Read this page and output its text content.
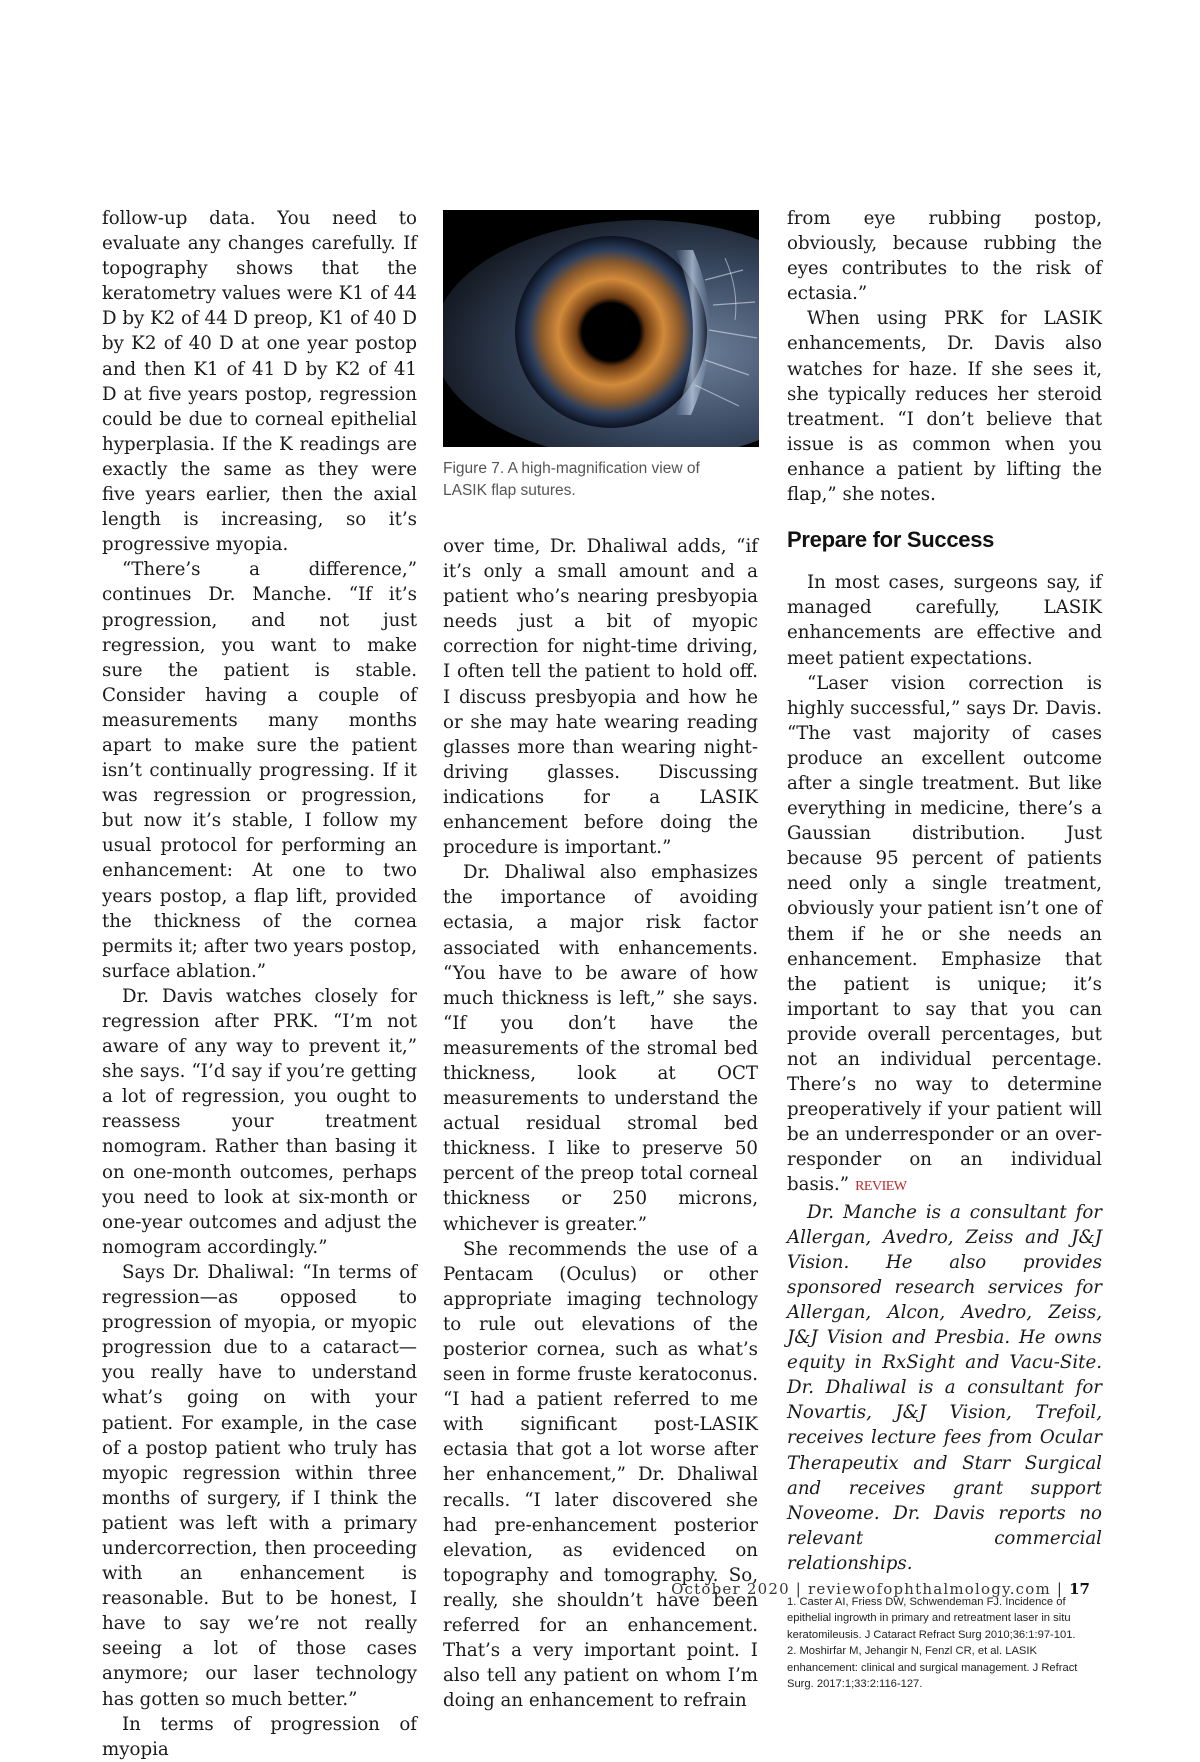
follow-up data. You need to evaluate any changes carefully. If topography shows that the keratometry values were K1 of 44 D by K2 of 44 D preop, K1 of 40 D by K2 of 40 D at one year postop and then K1 of 41 D by K2 of 41 D at five years postop, regression could be due to corneal epithelial hyperplasia. If the K readings are exactly the same as they were five years earlier, then the axial length is increasing, so it’s progressive myopia.

“There’s a difference,” continues Dr. Manche. “If it’s progression, and not just regression, you want to make sure the patient is stable. Consider having a couple of measurements many months apart to make sure the patient isn’t continually progressing. If it was regression or progression, but now it’s stable, I follow my usual protocol for performing an enhancement: At one to two years postop, a flap lift, provided the thickness of the cornea permits it; after two years postop, surface ablation.”

Dr. Davis watches closely for regression after PRK. “I’m not aware of any way to prevent it,” she says. “I’d say if you’re getting a lot of regression, you ought to reassess your treatment nomogram. Rather than basing it on one-month outcomes, perhaps you need to look at six-month or one-year outcomes and adjust the nomogram accordingly.”

Says Dr. Dhaliwal: “In terms of regression—as opposed to progression of myopia, or myopic progression due to a cataract—you really have to understand what’s going on with your patient. For example, in the case of a postop patient who truly has myopic regression within three months of surgery, if I think the patient was left with a primary undercorrection, then proceeding with an enhancement is reasonable. But to be honest, I have to say we’re not really seeing a lot of those cases anymore; our laser technology has gotten so much better.”

In terms of progression of myopia

Figure 7. A high-magnification view of LASIK flap sutures.

over time, Dr. Dhaliwal adds, “if it’s only a small amount and a patient who’s nearing presbyopia needs just a bit of myopic correction for night-time driving, I often tell the patient to hold off. I discuss presbyopia and how he or she may hate wearing reading glasses more than wearing night-driving glasses. Discussing indications for a LASIK enhancement before doing the procedure is important.”

Dr. Dhaliwal also emphasizes the importance of avoiding ectasia, a major risk factor associated with enhancements. “You have to be aware of how much thickness is left,” she says. “If you don’t have the measurements of the stromal bed thickness, look at OCT measurements to understand the actual residual stromal bed thickness. I like to preserve 50 percent of the preop total corneal thickness or 250 microns, whichever is greater.”

She recommends the use of a Pentacam (Oculus) or other appropriate imaging technology to rule out elevations of the posterior cornea, such as what’s seen in forme fruste keratoconus. “I had a patient referred to me with significant post-LASIK ectasia that got a lot worse after her enhancement,” Dr. Dhaliwal recalls. “I later discovered she had pre-enhancement posterior elevation, as evidenced on topography and tomography. So, really, she shouldn’t have been referred for an enhancement. That’s a very important point. I also tell any patient on whom I’m doing an enhancement to refrain

from eye rubbing postop, obviously, because rubbing the eyes contributes to the risk of ectasia.”

When using PRK for LASIK enhancements, Dr. Davis also watches for haze. If she sees it, she typically reduces her steroid treatment. “I don’t believe that issue is as common when you enhance a patient by lifting the flap,” she notes.

Prepare for Success

In most cases, surgeons say, if managed carefully, LASIK enhancements are effective and meet patient expectations.

“Laser vision correction is highly successful,” says Dr. Davis. “The vast majority of cases produce an excellent outcome after a single treatment. But like everything in medicine, there’s a Gaussian distribution. Just because 95 percent of patients need only a single treatment, obviously your patient isn’t one of them if he or she needs an enhancement. Emphasize that the patient is unique; it’s important to say that you can provide overall percentages, but not an individual percentage. There’s no way to determine preoperatively if your patient will be an underresponder or an over-responder on an individual basis.” REVIEW

Dr. Manche is a consultant for Allergan, Avedro, Zeiss and J&J Vision. He also provides sponsored research services for Allergan, Alcon, Avedro, Zeiss, J&J Vision and Presbia. He owns equity in RxSight and Vacu-Site. Dr. Dhaliwal is a consultant for Novartis, J&J Vision, Trefoil, receives lecture fees from Ocular Therapeutix and Starr Surgical and receives grant support Noveome. Dr. Davis reports no relevant commercial relationships.

1. Caster AI, Friess DW, Schwendeman FJ. Incidence of epithelial ingrowth in primary and retreatment laser in situ keratomileusis. J Cataract Refract Surg 2010;36:1:97-101.
2. Moshirfar M, Jehangir N, Fenzl CR, et al. LASIK enhancement: clinical and surgical management. J Refract Surg. 2017:1;33:2:116-127.
October 2020 | reviewofophthalmology.com | 17
